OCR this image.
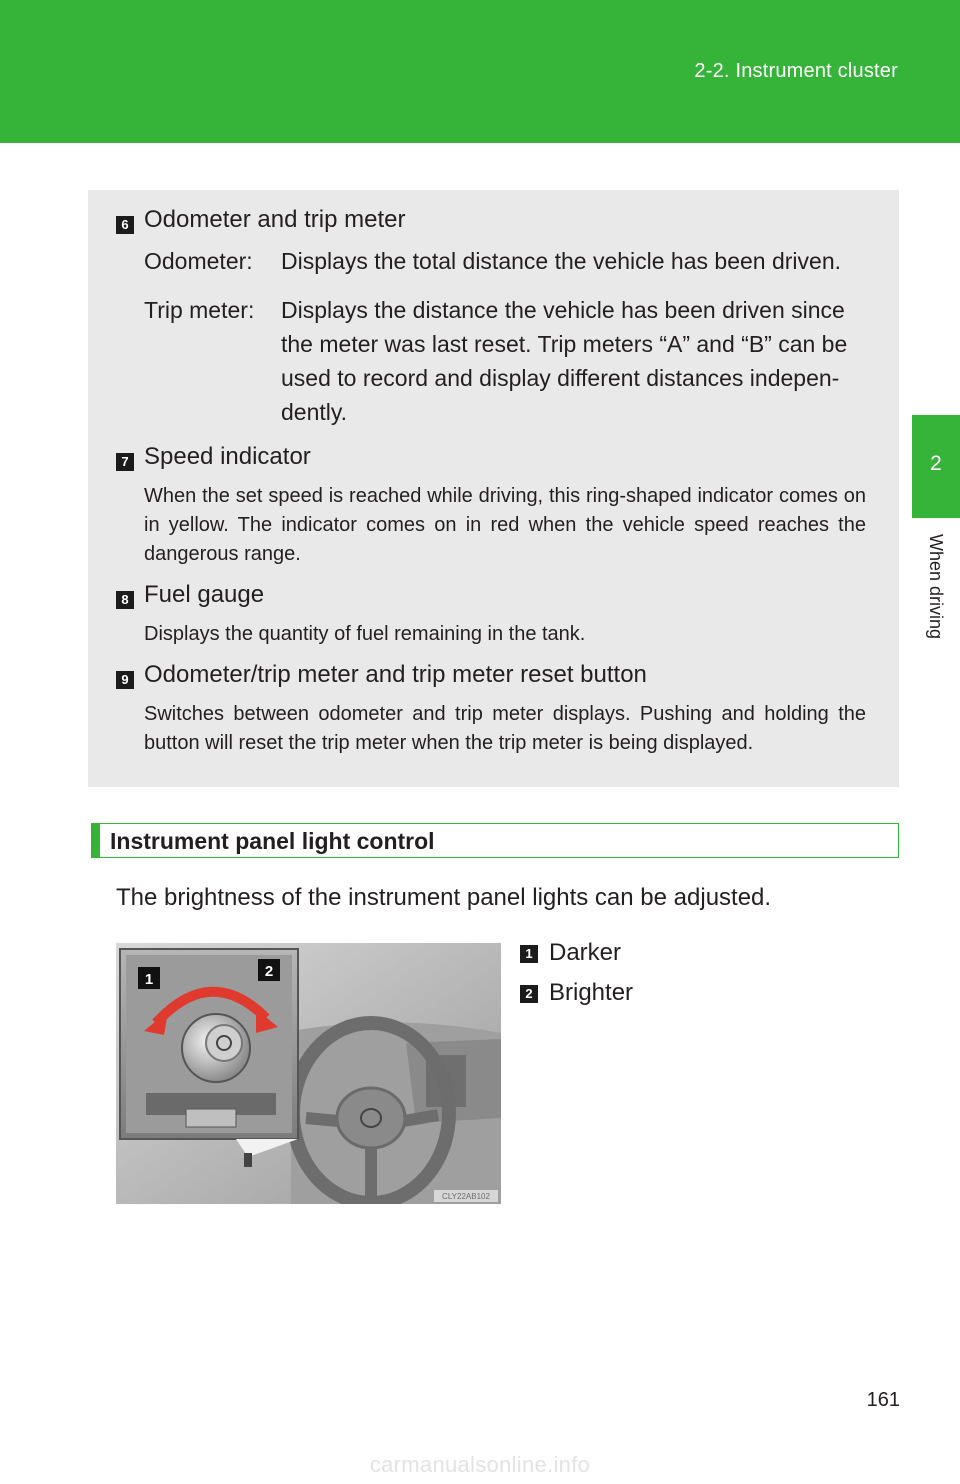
2-2. Instrument cluster
2
When driving
6 Odometer and trip meter
Odometer: Displays the total distance the vehicle has been driven.
Trip meter: Displays the distance the vehicle has been driven since
the meter was last reset. Trip meters “A” and “B” can be
used to record and display different distances indepen-
dently.
7 Speed indicator
When the set speed is reached while driving, this ring-shaped indicator comes on in yellow. The indicator comes on in red when the vehicle speed reaches the dangerous range.
8 Fuel gauge
Displays the quantity of fuel remaining in the tank.
9 Odometer/trip meter and trip meter reset button
Switches between odometer and trip meter displays. Pushing and holding the button will reset the trip meter when the trip meter is being displayed.
Instrument panel light control
The brightness of the instrument panel lights can be adjusted.
1	2
CLY22AB102
1 Darker
2 Brighter
161
carmanualsonline.info
